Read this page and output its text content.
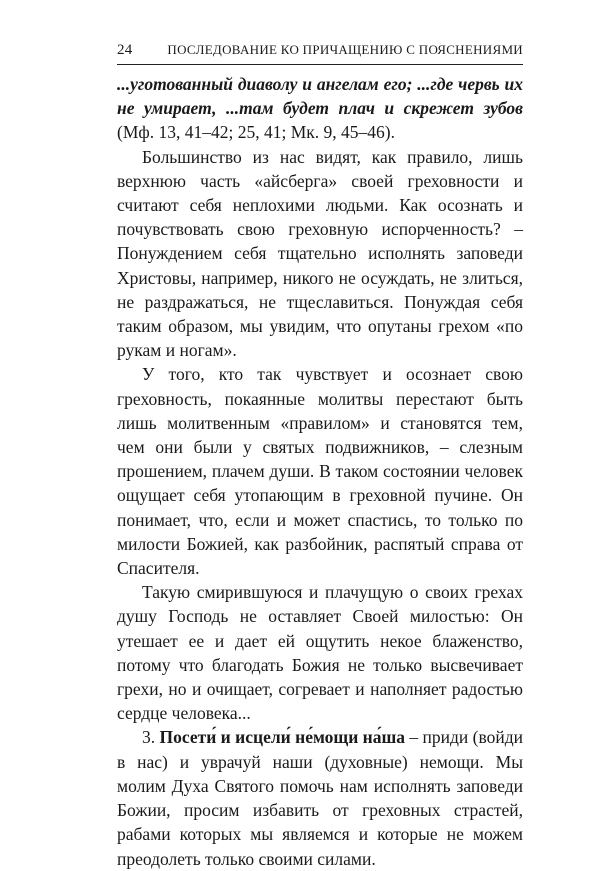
24	ПОСЛЕДОВАНИЕ КО ПРИЧАЩЕНИЮ С ПОЯСНЕНИЯМИ

...уготованный диаволу и ангелам его; ...где червь их не умирает, ...там будет плач и скрежет зубов (Мф. 13, 41–42; 25, 41; Мк. 9, 45–46).

Большинство из нас видят, как правило, лишь верхнюю часть «айсберга» своей греховности и считают себя неплохими людьми. Как осознать и почувствовать свою греховную испорченность? – Понуждением себя тщательно исполнять заповеди Христовы, например, никого не осуждать, не злиться, не раздражаться, не тщеславиться. Понуждая себя таким образом, мы увидим, что опутаны грехом «по рукам и ногам».

У того, кто так чувствует и осознает свою греховность, покаянные молитвы перестают быть лишь молитвенным «правилом» и становятся тем, чем они были у святых подвижников, – слезным прошением, плачем души. В таком состоянии человек ощущает себя утопающим в греховной пучине. Он понимает, что, если и может спастись, то только по милости Божией, как разбойник, распятый справа от Спасителя.

Такую смирившуюся и плачущую о своих грехах душу Господь не оставляет Своей милостью: Он утешает ее и дает ей ощутить некое блаженство, потому что благодать Божия не только высвечивает грехи, но и очищает, согревает и наполняет радостью сердце человека...

3. Посети́ и исцели́ не́мощи на́ша – приди (войди в нас) и уврачуй наши (духовные) немощи. Мы молим Духа Святого помочь нам исполнять заповеди Божии, просим избавить от греховных страстей, рабами которых мы являемся и которые не можем преодолеть только своими силами.
